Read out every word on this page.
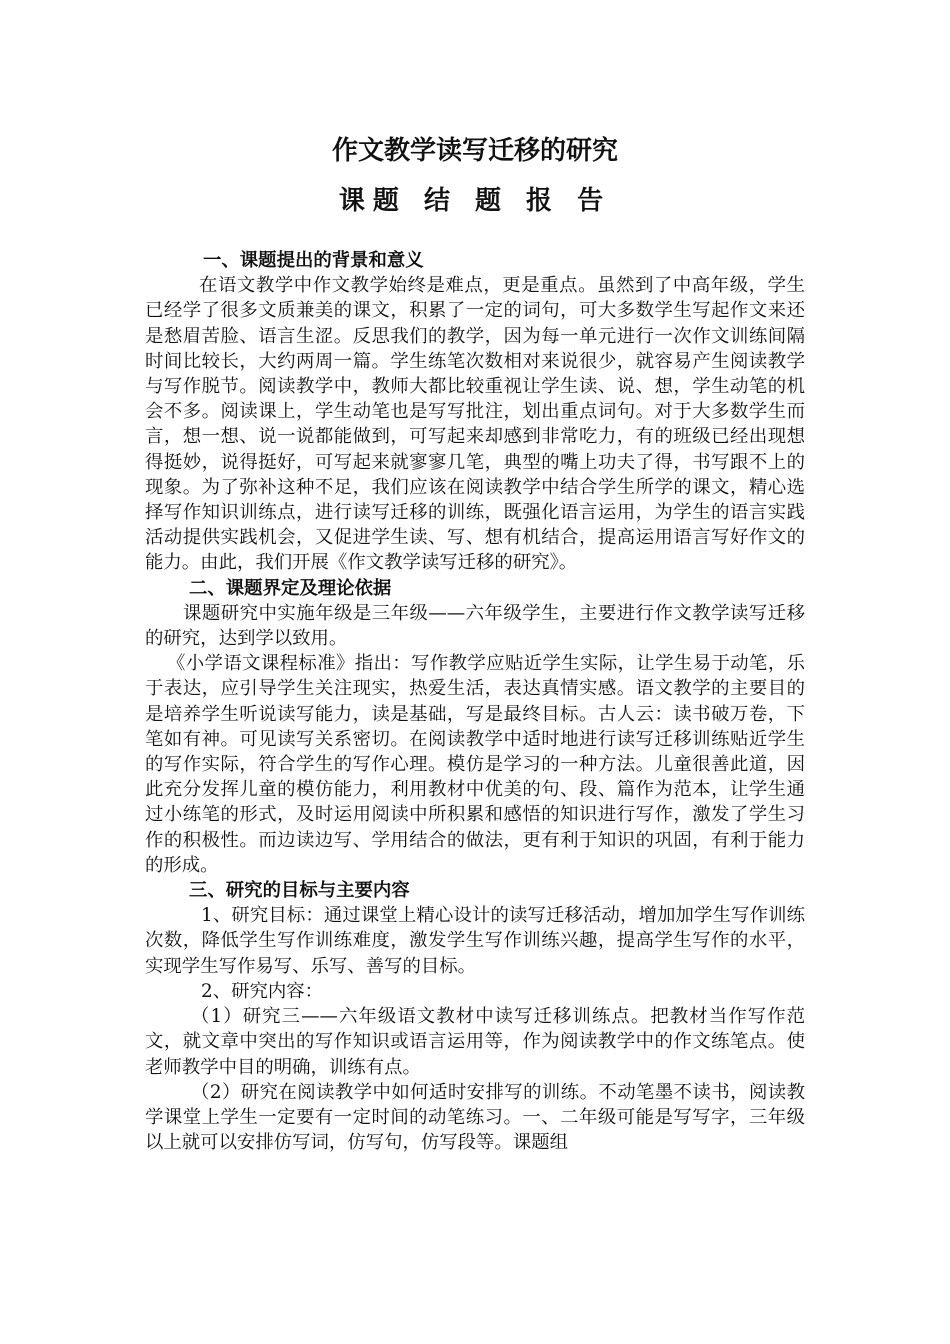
作文教学读写迁移的研究
课题 结 题 报 告

一、课题提出的背景和意义

在语文教学中作文教学始终是难点，更是重点。虽然到了中高年级，学生已经学了很多文质兼美的课文，积累了一定的词句，可大多数学生写起作文来还是愁眉苦脸、语言生涩。反思我们的教学，因为每一单元进行一次作文训练间隔时间比较长，大约两周一篇。学生练笔次数相对来说很少，就容易产生阅读教学与写作脱节。阅读教学中，教师大都比较重视让学生读、说、想，学生动笔的机会不多。阅读课上，学生动笔也是写写批注，划出重点词句。对于大多数学生而言，想一想、说一说都能做到，可写起来却感到非常吃力，有的班级已经出现想得挺妙，说得挺好，可写起来就寥寥几笔，典型的嘴上功夫了得，书写跟不上的现象。为了弥补这种不足，我们应该在阅读教学中结合学生所学的课文，精心选择写作知识训练点，进行读写迁移的训练，既强化语言运用，为学生的语言实践活动提供实践机会，又促进学生读、写、想有机结合，提高运用语言写好作文的能力。由此，我们开展《作文教学读写迁移的研究》。

二、课题界定及理论依据

课题研究中实施年级是三年级——六年级学生，主要进行作文教学读写迁移的研究，达到学以致用。

《小学语文课程标准》指出：写作教学应贴近学生实际，让学生易于动笔，乐于表达，应引导学生关注现实，热爱生活，表达真情实感。语文教学的主要目的是培养学生听说读写能力，读是基础，写是最终目标。古人云：读书破万卷，下笔如有神。可见读写关系密切。在阅读教学中适时地进行读写迁移训练贴近学生的写作实际，符合学生的写作心理。模仿是学习的一种方法。儿童很善此道，因此充分发挥儿童的模仿能力，利用教材中优美的句、段、篇作为范本，让学生通过小练笔的形式，及时运用阅读中所积累和感悟的知识进行写作，激发了学生习作的积极性。而边读边写、学用结合的做法，更有利于知识的巩固，有利于能力的形成。

三、研究的目标与主要内容

1、研究目标：通过课堂上精心设计的读写迁移活动，增加加学生写作训练次数，降低学生写作训练难度，激发学生写作训练兴趣，提高学生写作的水平，实现学生写作易写、乐写、善写的目标。

2、研究内容：

（1）研究三——六年级语文教材中读写迁移训练点。把教材当作写作范文，就文章中突出的写作知识或语言运用等，作为阅读教学中的作文练笔点。使老师教学中目的明确，训练有点。

（2）研究在阅读教学中如何适时安排写的训练。不动笔墨不读书，阅读教学课堂上学生一定要有一定时间的动笔练习。一、二年级可能是写写字，三年级以上就可以安排仿写词，仿写句，仿写段等。课题组
